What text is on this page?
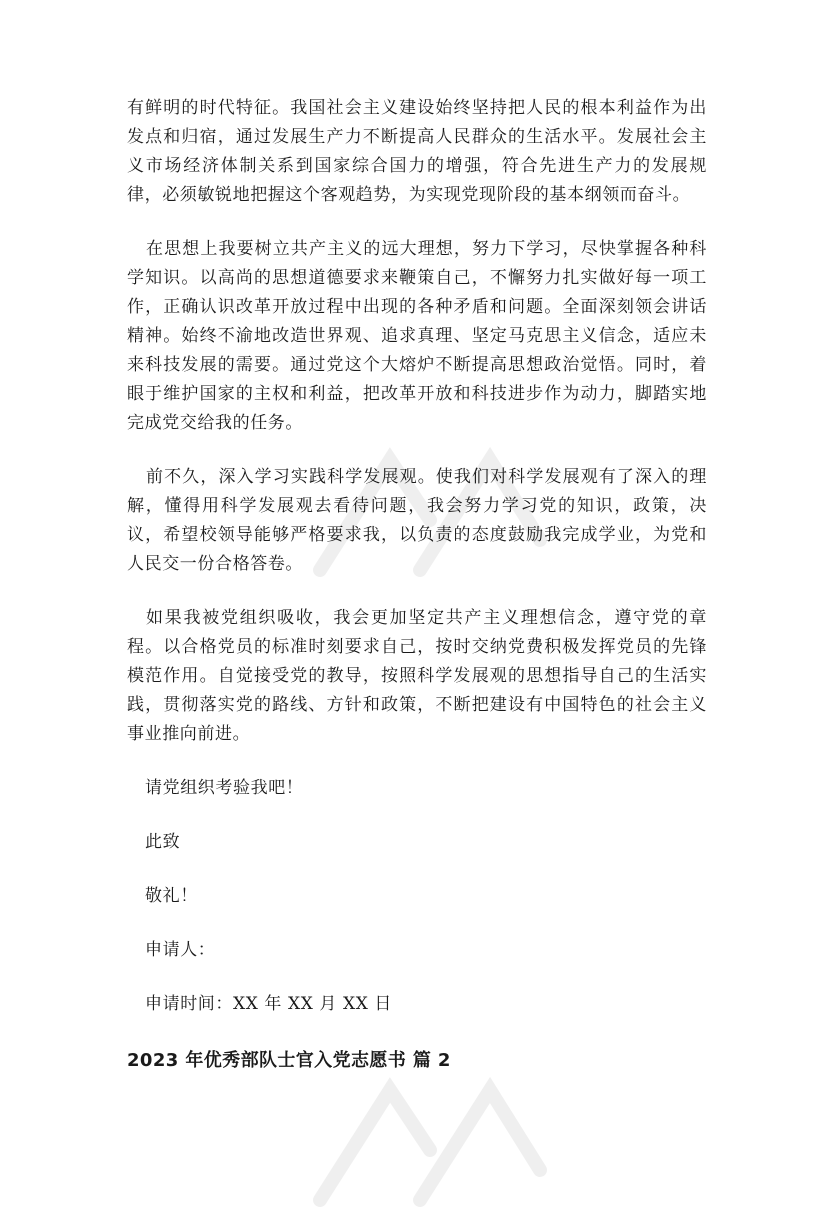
有鲜明的时代特征。我国社会主义建设始终坚持把人民的根本利益作为出发点和归宿，通过发展生产力不断提高人民群众的生活水平。发展社会主义市场经济体制关系到国家综合国力的增强，符合先进生产力的发展规律，必须敏锐地把握这个客观趋势，为实现党现阶段的基本纲领而奋斗。

在思想上我要树立共产主义的远大理想，努力下学习，尽快掌握各种科学知识。以高尚的思想道德要求来鞭策自己，不懈努力扎实做好每一项工作，正确认识改革开放过程中出现的各种矛盾和问题。全面深刻领会讲话精神。始终不渝地改造世界观、追求真理、坚定马克思主义信念，适应未来科技发展的需要。通过党这个大熔炉不断提高思想政治觉悟。同时，着眼于维护国家的主权和利益，把改革开放和科技进步作为动力，脚踏实地完成党交给我的任务。

前不久，深入学习实践科学发展观。使我们对科学发展观有了深入的理解，懂得用科学发展观去看待问题，我会努力学习党的知识，政策，决议，希望校领导能够严格要求我，以负责的态度鼓励我完成学业，为党和人民交一份合格答卷。

如果我被党组织吸收，我会更加坚定共产主义理想信念，遵守党的章程。以合格党员的标准时刻要求自己，按时交纳党费积极发挥党员的先锋模范作用。自觉接受党的教导，按照科学发展观的思想指导自己的生活实践，贯彻落实党的路线、方针和政策，不断把建设有中国特色的社会主义事业推向前进。

请党组织考验我吧！

此致

敬礼！

申请人：

申请时间：XX 年 XX 月 XX 日

2023 年优秀部队士官入党志愿书 篇 2
